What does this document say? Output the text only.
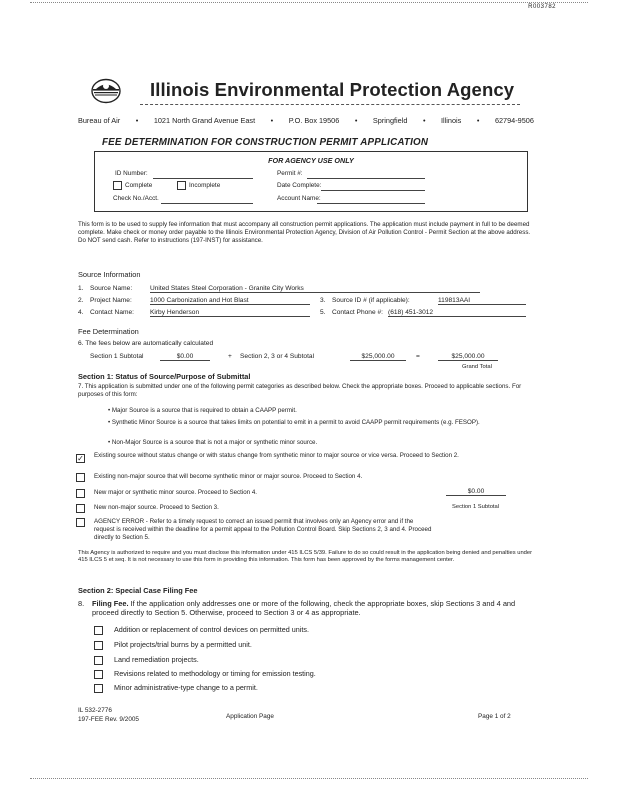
R003782
Illinois Environmental Protection Agency
Bureau of Air • 1021 North Grand Avenue East • P.O. Box 19506 • Springfield • Illinois • 62794-9506
FEE DETERMINATION FOR CONSTRUCTION PERMIT APPLICATION
FOR AGENCY USE ONLY
ID Number:	Permit #:
Complete	Incomplete	Date Complete:
Check No./Acct.	Account Name:
This form is to be used to supply fee information that must accompany all construction permit applications. The application must include payment in full to be deemed complete. Make check or money order payable to the Illinois Environmental Protection Agency, Division of Air Pollution Control - Permit Section at the above address. Do NOT send cash. Refer to instructions (197-INST) for assistance.
Source Information
1. Source Name:	United States Steel Corporation - Granite City Works
2. Project Name:	1000 Carbonization and Hot Blast	3. Source ID # (if applicable):	119813AAI
4. Contact Name: Kirby Henderson	5. Contact Phone #: (618) 451-3012
Fee Determination
6. The fees below are automatically calculated
Section 1 Subtotal	$0.00	+ Section 2, 3 or 4 Subtotal	$25,000.00	=	$25,000.00
Grand Total
Section 1: Status of Source/Purpose of Submittal
7. This application is submitted under one of the following permit categories as described below. Check the appropriate boxes. Proceed to applicable sections. For purposes of this form:
• Major Source is a source that is required to obtain a CAAPP permit.
• Synthetic Minor Source is a source that takes limits on potential to emit in a permit to avoid CAAPP permit requirements (e.g. FESOP).
• Non-Major Source is a source that is not a major or synthetic minor source.
✓ Existing source without status change or with status change from synthetic minor to major source or vice versa. Proceed to Section 2.
Existing non-major source that will become synthetic minor or major source. Proceed to Section 4.
New major or synthetic minor source. Proceed to Section 4.	$0.00
New non-major source. Proceed to Section 3.	Section 1 Subtotal
AGENCY ERROR - Refer to a timely request to correct an issued permit that involves only an Agency error and if the request is received within the deadline for a permit appeal to the Pollution Control Board. Skip Sections 2, 3 and 4. Proceed directly to Section 5.
This Agency is authorized to require and you must disclose this information under 415 ILCS 5/39. Failure to do so could result in the application being denied and penalties under 415 ILCS 5 et seq. It is not necessary to use this form in providing this information. This form has been approved by the forms management center.
Section 2: Special Case Filing Fee
8. Filing Fee. If the application only addresses one or more of the following, check the appropriate boxes, skip Sections 3 and 4 and proceed directly to Section 5. Otherwise, proceed to Section 3 or 4 as appropriate.
Addition or replacement of control devices on permitted units.
Pilot projects/trial burns by a permitted unit.
Land remediation projects.
Revisions related to methodology or timing for emission testing.
Minor administrative-type change to a permit.
IL 532-2776
197-FEE Rev. 9/2005	Application Page	Page 1 of 2
